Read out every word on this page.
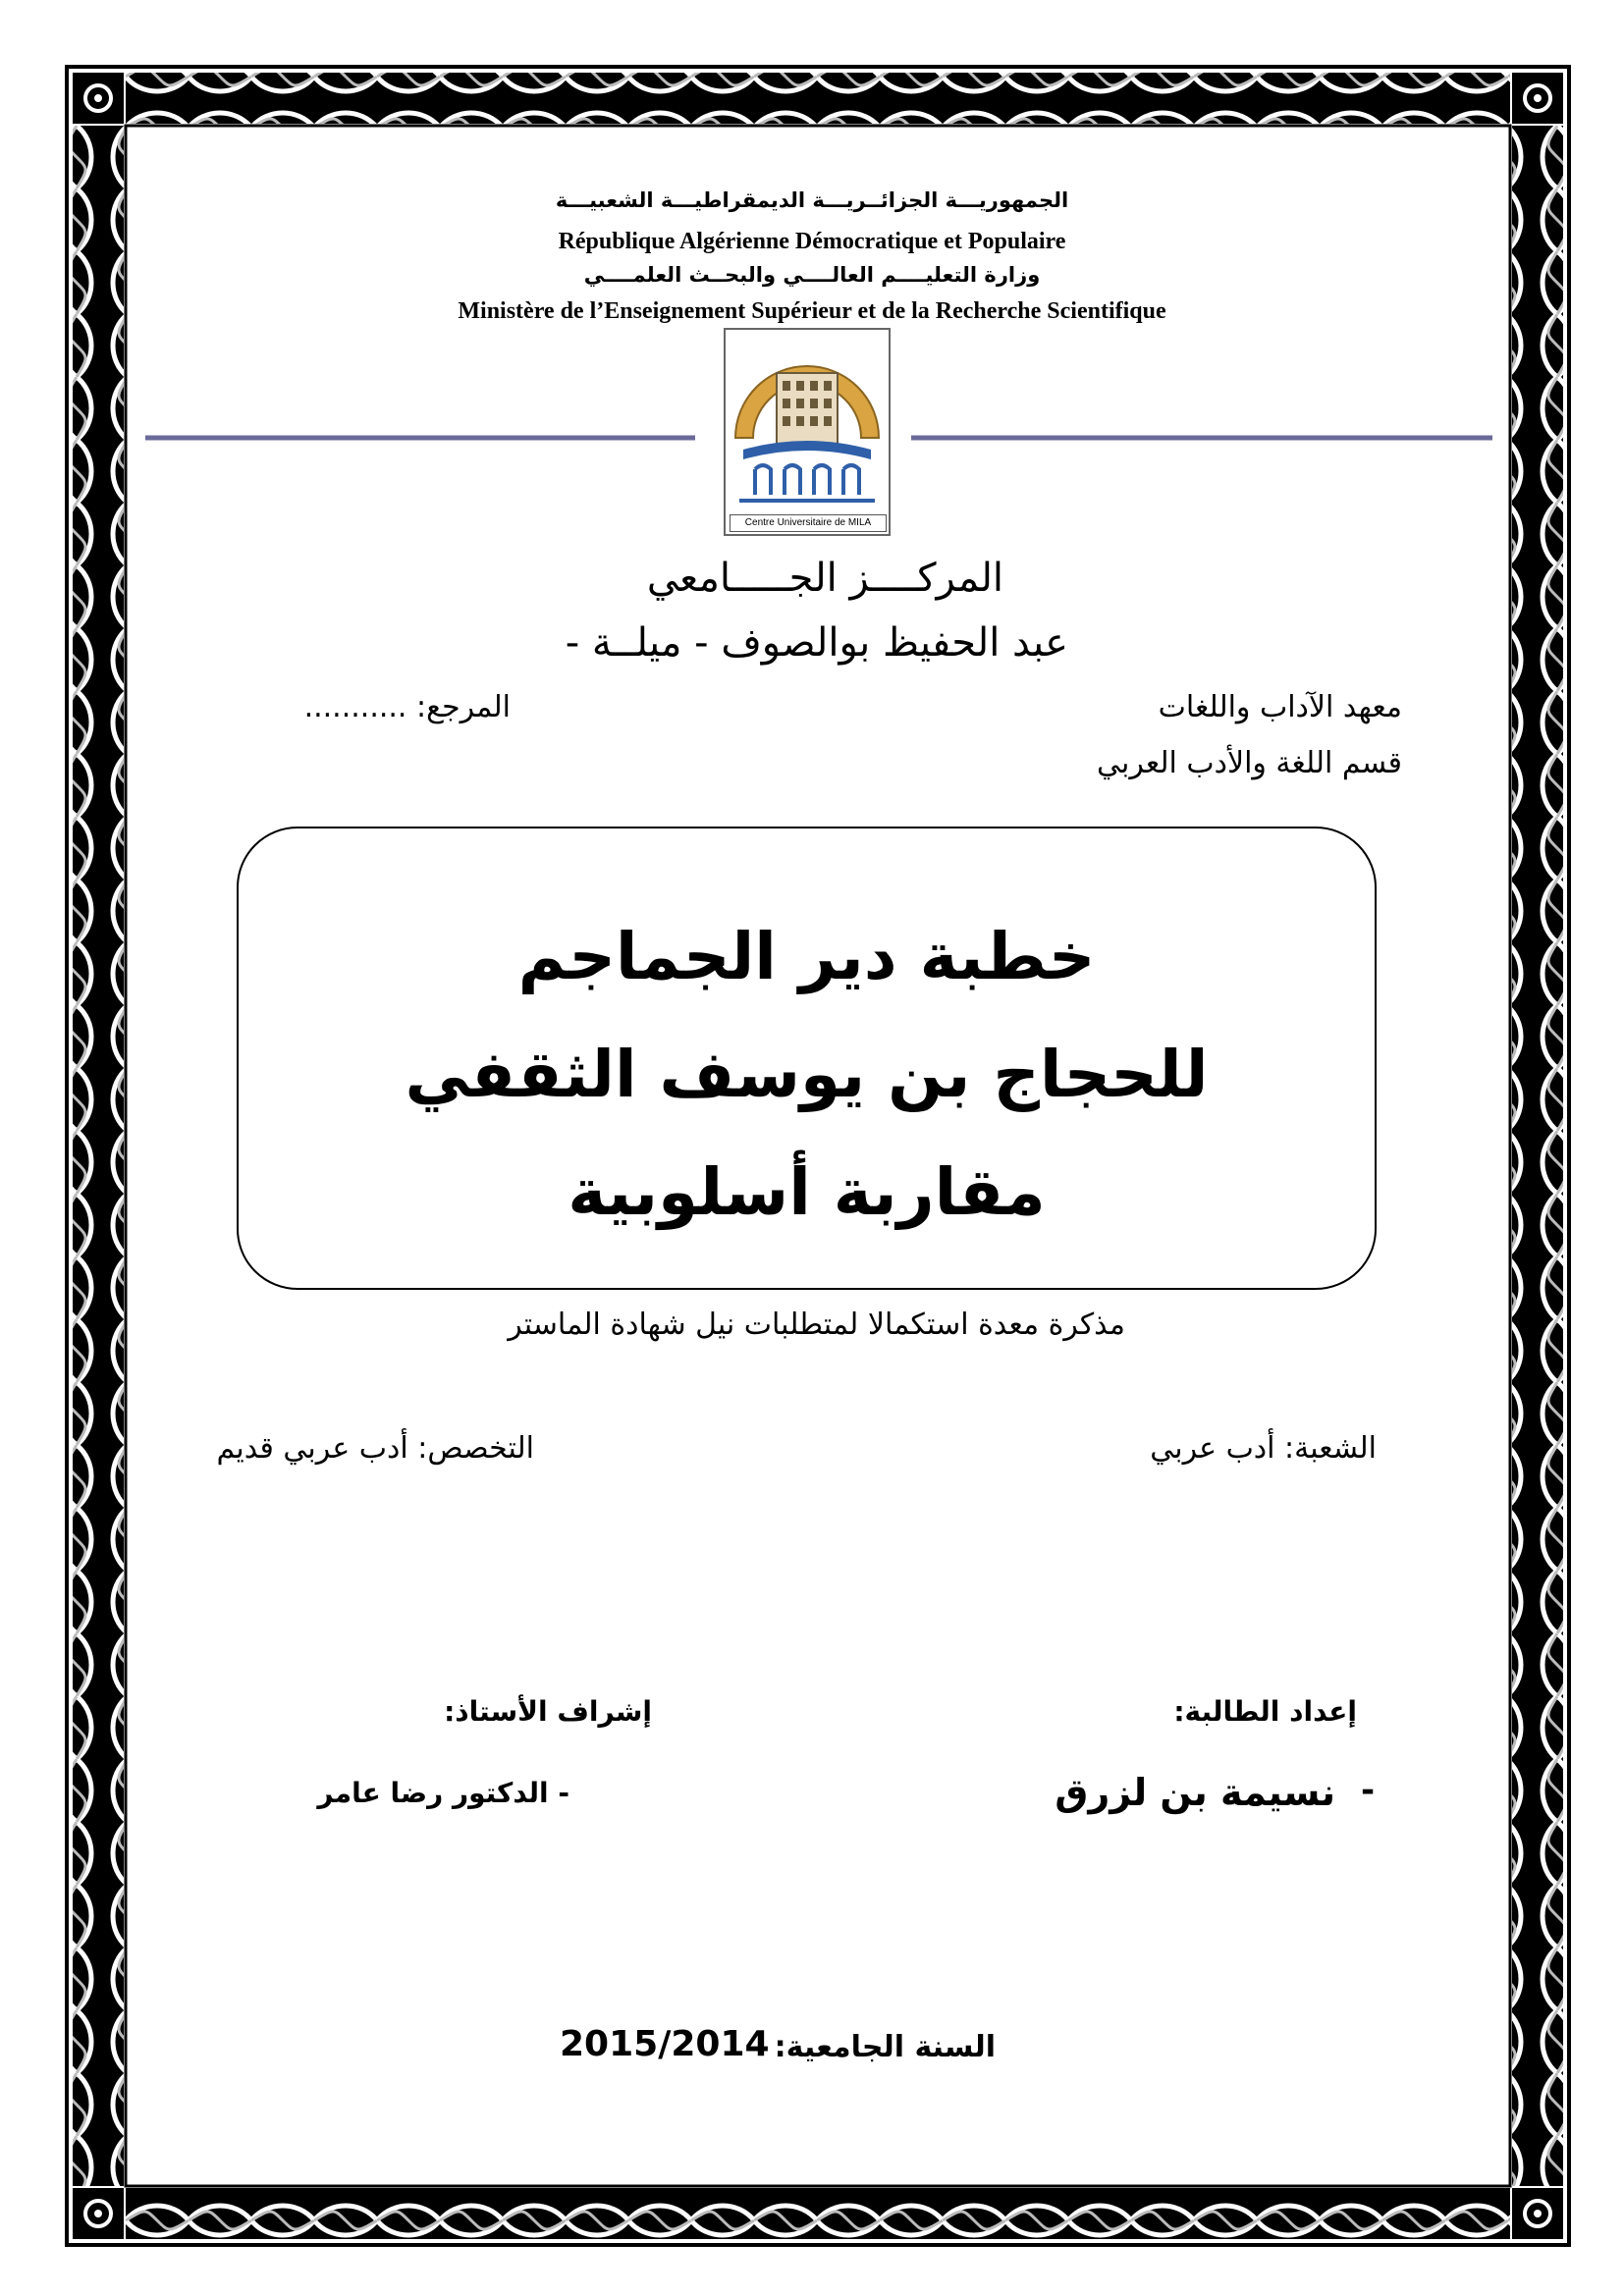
الجمهوريـــة الجزائــريـــة الديمقراطيـــة الشعبيـــة
République Algérienne Démocratique et Populaire
وزارة التعليــــم العالــــي والبحــث العلمــــي
Ministère de l’Enseignement Supérieur et de la Recherche Scientifique
Centre Universitaire de MILA
المركــــز الجـــــامعي
عبد الحفيظ بوالصوف - ميلــة -
معهد الآداب واللغات
المرجع: ...........
قسم اللغة والأدب العربي
خطبة دير الجماجم
للحجاج بن يوسف الثقفي
مقاربة أسلوبية
مذكرة معدة استكمالا لمتطلبات نيل شهادة الماستر
الشعبة: أدب عربي
التخصص: أدب عربي قديم
إعداد الطالبة:
إشراف الأستاذ:
-
نسيمة بن لزرق
- الدكتور رضا عامر
السنة الجامعية:
2015/2014
